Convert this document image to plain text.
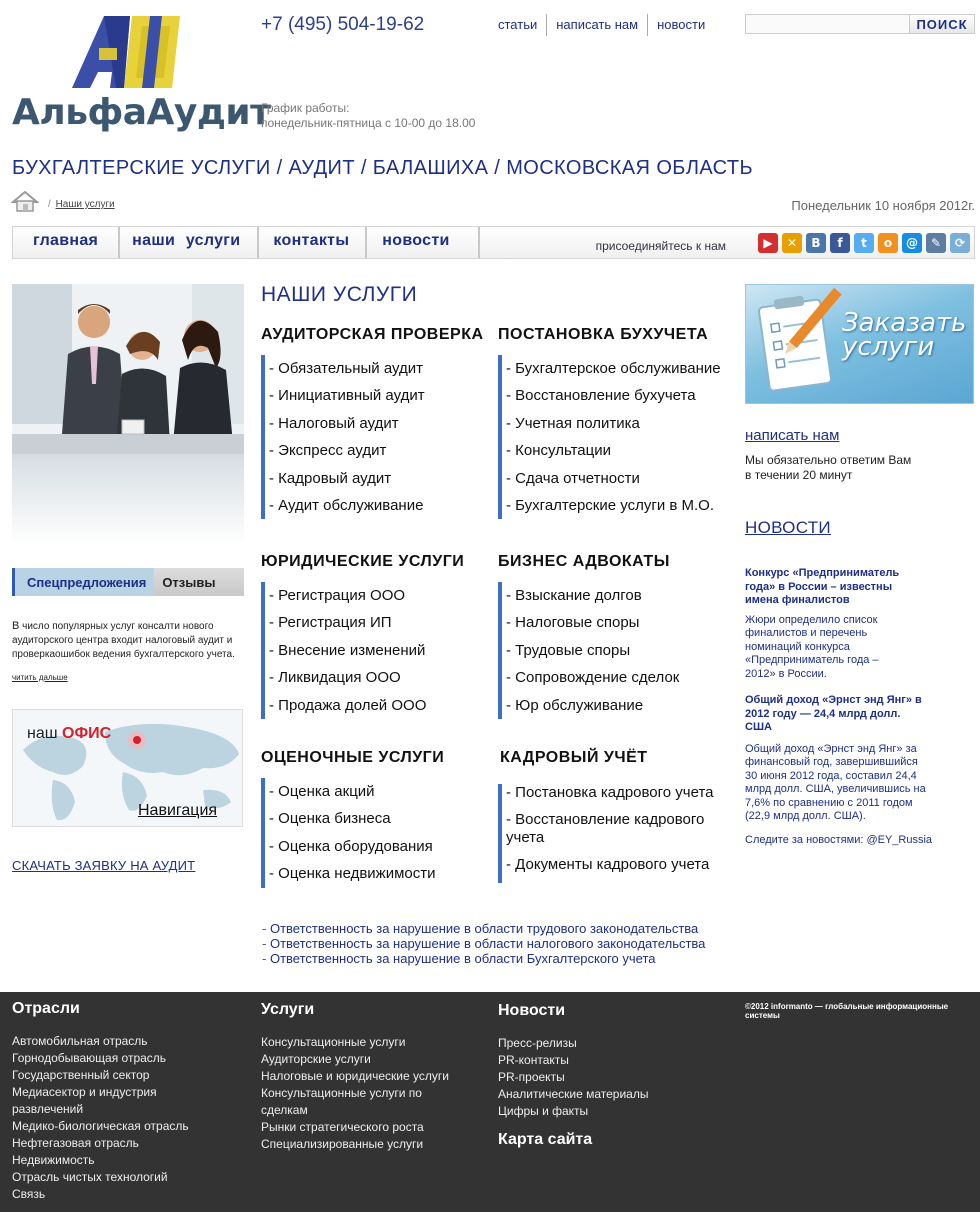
АльфаАудит
+7 (495) 504-19-62
График работы:
понедельник-пятница с 10-00 до 18.00
статьи	написать нам	новости	ПОИСК
БУХГАЛТЕРСКИЕ УСЛУГИ / АУДИТ / БАЛАШИХА / МОСКОВСКАЯ ОБЛАСТЬ
/ Наши услуги	Понедельник 10 ноября 2012г.
главная	наши услуги	контакты	новости	присоединяйтесь к нам	▶	✕	В	f	t	о	@	✎	⟳
Спецпредложения	Отзывы
В число популярных услуг консалти нового аудиторского центра входит налоговый аудит и проверкаошибок ведения бухгалтерского учета.
читить дальше
наш ОФИС
Навигация
СКАЧАТЬ ЗАЯВКУ НА АУДИТ
НАШИ УСЛУГИ
АУДИТОРСКАЯ ПРОВЕРКА
- Обязательный аудит
- Инициативный аудит
- Налоговый аудит
- Экспресс аудит
- Кадровый аудит
- Аудит обслуживание
ПОСТАНОВКА БУХУЧЕТА
- Бухгалтерское обслуживание
- Восстановление бухучета
- Учетная политика
- Консультации
- Сдача отчетности
- Бухгалтерские услуги в М.О.
ЮРИДИЧЕСКИЕ УСЛУГИ
- Регистрация ООО
- Регистрация ИП
- Внесение изменений
- Ликвидация ООО
- Продажа долей ООО
БИЗНЕС АДВОКАТЫ
- Взыскание долгов
- Налоговые споры
- Трудовые споры
- Сопровождение сделок
- Юр обслуживание
ОЦЕНОЧНЫЕ УСЛУГИ
- Оценка акций
- Оценка бизнеса
- Оценка оборудования
- Оценка недвижимости
КАДРОВЫЙ УЧЁТ
- Постановка кадрового учета
- Восстановление кадрового учета
- Документы кадрового учета
- Ответственность за нарушение в области трудового законодательства
- Ответственность за нарушение в области налогового законодательства
- Ответственность за нарушение в области Бухгалтерского учета
Заказать
услуги
написать нам
Мы обязательно ответим Вам
в течении 20 минут
НОВОСТИ
Конкурс «Предприниматель года» в России – известны имена финалистов
Жюри определило список финалистов и перечень номинаций конкурса «Предприниматель года – 2012» в России.
Общий доход «Эрнст энд Янг» в 2012 году — 24,4 млрд долл. США
Общий доход «Эрнст энд Янг» за финансовый год, завершившийся 30 июня 2012 года, составил 24,4 млрд долл. США, увеличившись на 7,6% по сравнению с 2011 годом (22,9 млрд долл. США).
Следите за новостями: @EY_Russia
©2012 informanto — глобальные информационные системы
Отрасли
Автомобильная отрасль
Горнодобывающая отрасль
Государственный сектор
Медиасектор и индустрия развлечений
Медико-биологическая отрасль
Нефтегазовая отрасль
Недвижимость
Отрасль чистых технологий
Связь
Услуги
Консультационные услуги
Аудиторские услуги
Налоговые и юридические услуги
Консультационные услуги по сделкам
Рынки стратегического роста
Специализированные услуги
Новости
Пресс-релизы
PR-контакты
PR-проекты
Аналитические материалы
Цифры и факты
Карта сайта
